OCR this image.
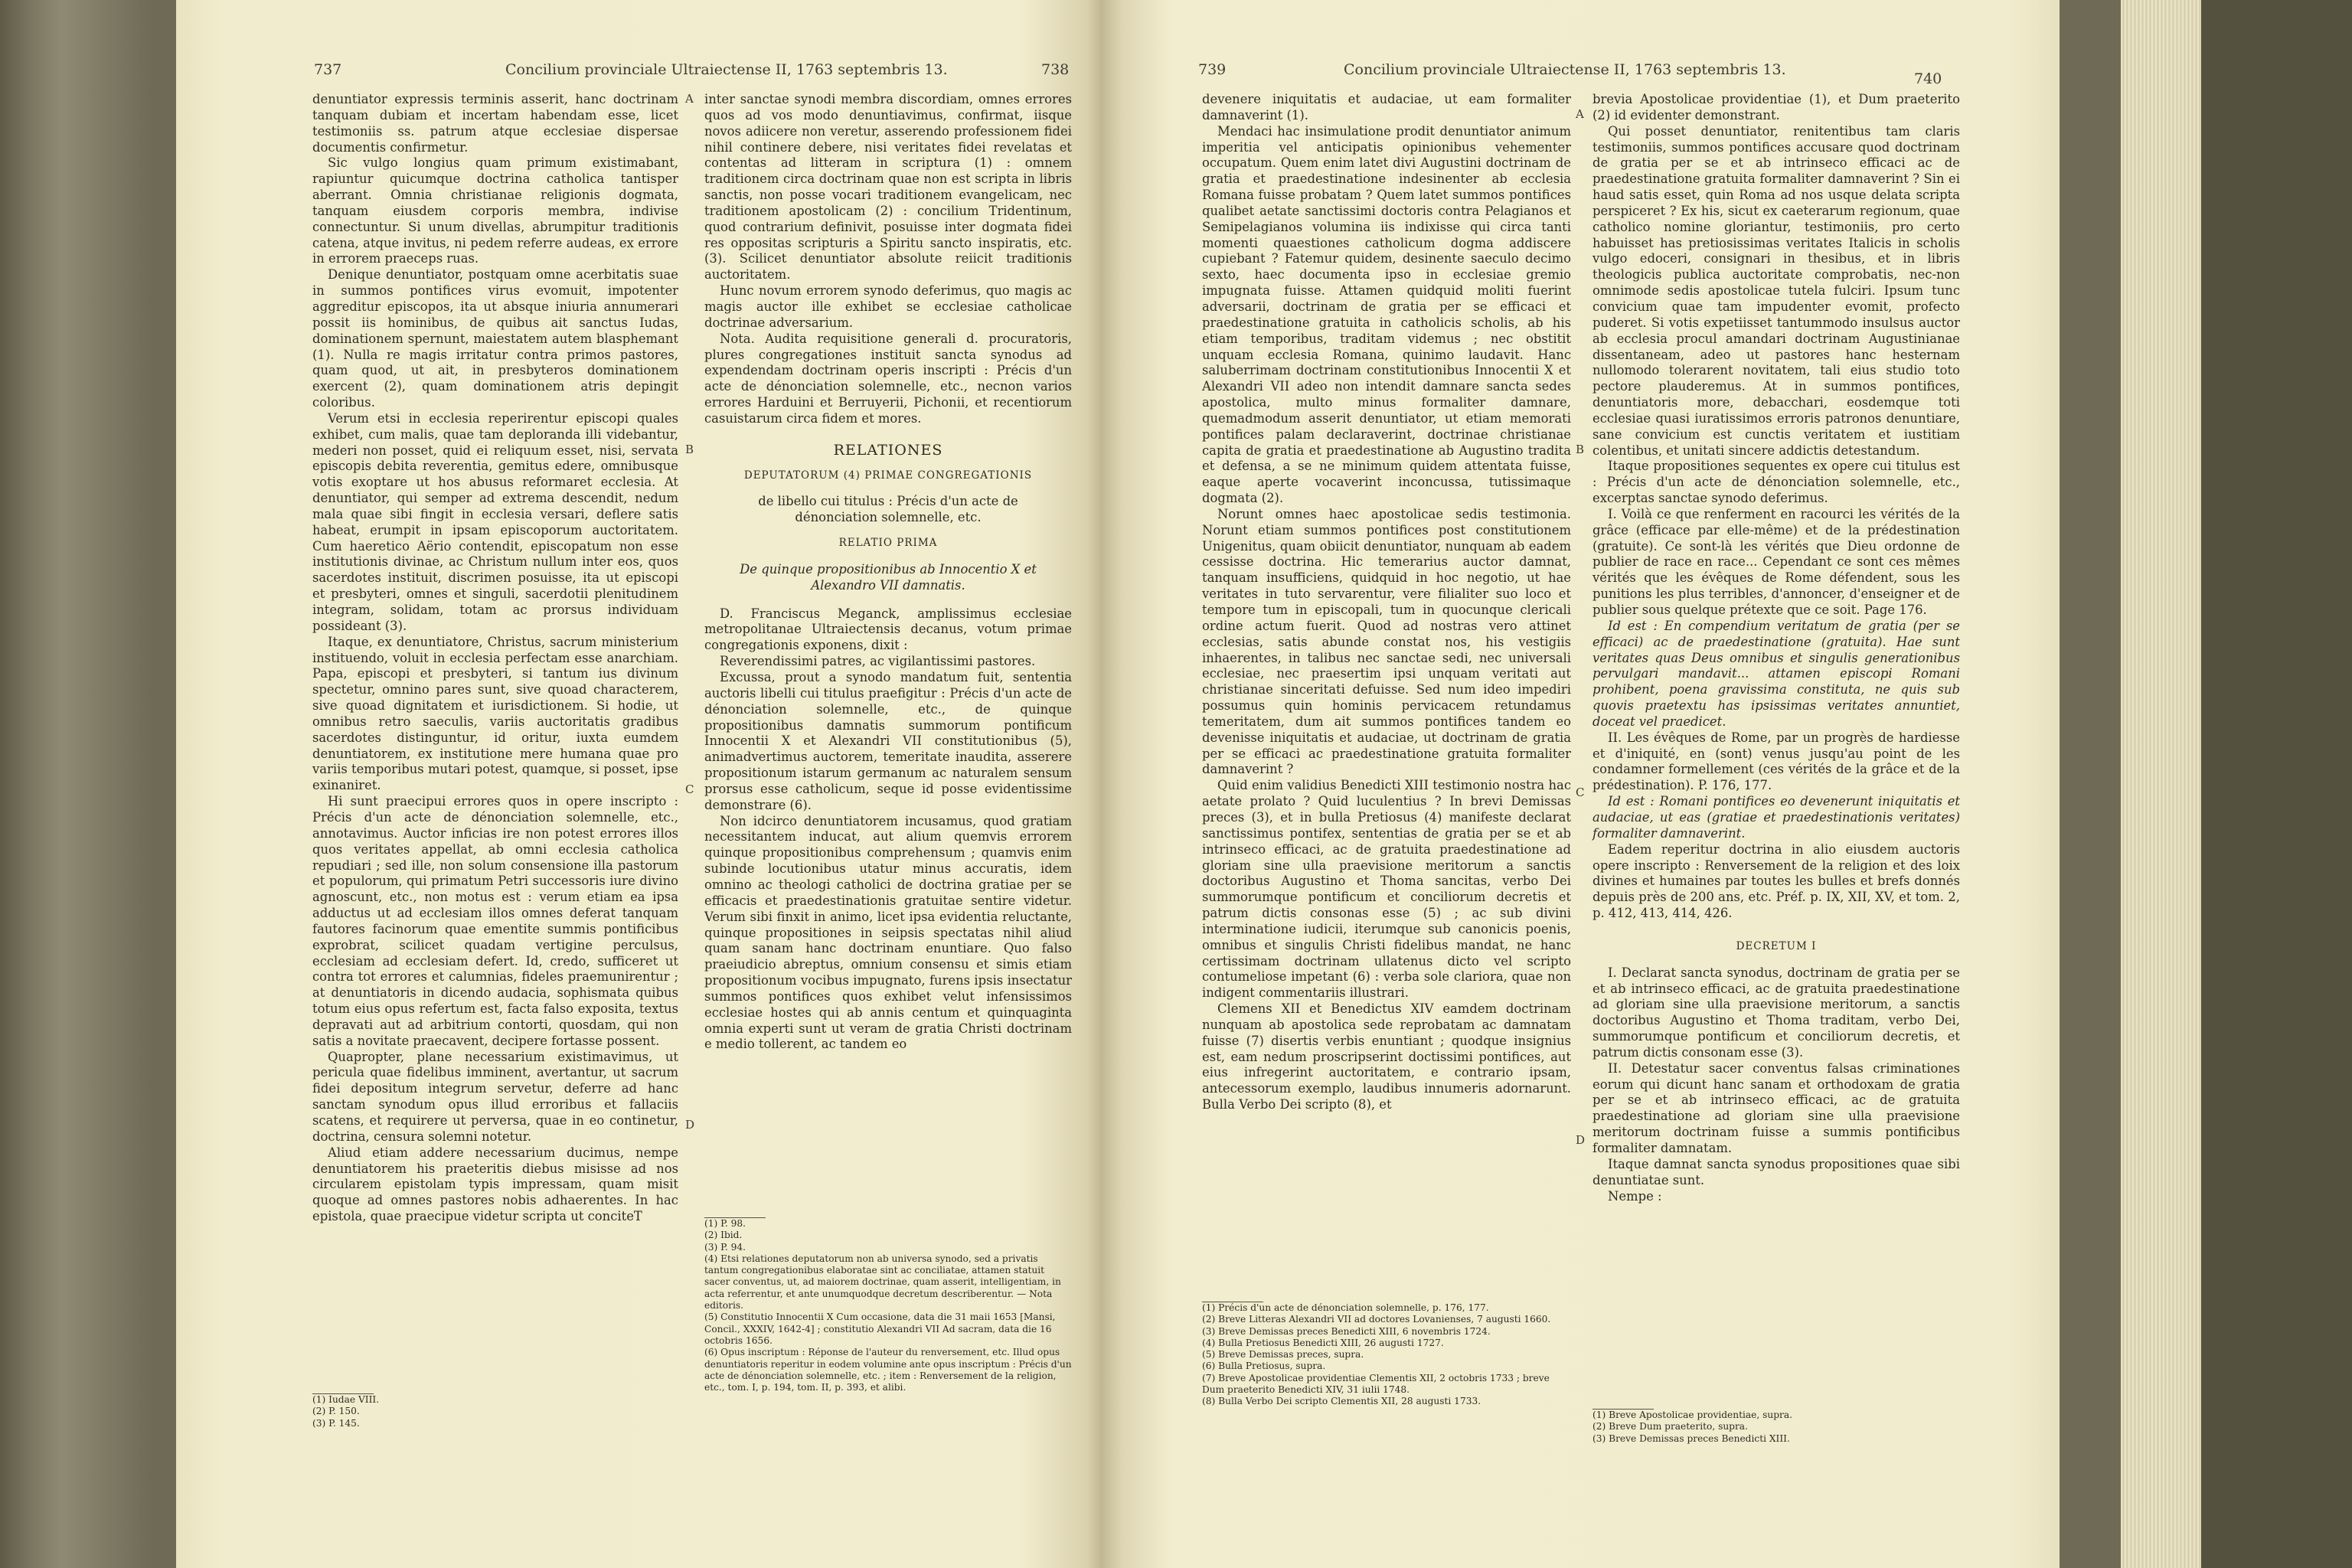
737	Concilium provinciale Ultraiectense II, 1763 septembris 13.	738

denuntiator expressis terminis asserit, hanc doctrinam tanquam dubiam et incertam habendam esse, licet testimoniis ss. patrum atque ecclesiae dispersae documentis confirmetur.

Sic vulgo longius quam primum existimabant, rapiuntur quicumque doctrina catholica tantisper aberrant. Omnia christianae religionis dogmata, tanquam eiusdem corporis membra, indivise connectuntur. Si unum divellas, abrumpitur traditionis catena, atque invitus, ni pedem referre audeas, ex errore in errorem praeceps ruas.

Denique denuntiator, postquam omne acerbitatis suae in summos pontifices virus evomuit, impotenter aggreditur episcopos, ita ut absque iniuria annumerari possit iis hominibus, de quibus ait sanctus Iudas, dominationem spernunt, maiestatem autem blasphemant (1). Nulla re magis irritatur contra primos pastores, quam quod, ut ait, in presbyteros dominationem exercent (2), quam dominationem atris depingit coloribus.

Verum etsi in ecclesia reperirentur episcopi quales exhibet, cum malis, quae tam deploranda illi videbantur, mederi non posset, quid ei reliquum esset, nisi, servata episcopis debita reverentia, gemitus edere, omnibusque votis exoptare ut hos abusus reformaret ecclesia. At denuntiator, qui semper ad extrema descendit, nedum mala quae sibi fingit in ecclesia versari, deflere satis habeat, erumpit in ipsam episcoporum auctoritatem. Cum haeretico Aërio contendit, episcopatum non esse institutionis divinae, ac Christum nullum inter eos, quos sacerdotes instituit, discrimen posuisse, ita ut episcopi et presbyteri, omnes et singuli, sacerdotii plenitudinem integram, solidam, totam ac prorsus individuam possideant (3).

Itaque, ex denuntiatore, Christus, sacrum ministerium instituendo, voluit in ecclesia perfectam esse anarchiam. Papa, episcopi et presbyteri, si tantum ius divinum spectetur, omnino pares sunt, sive quoad characterem, sive quoad dignitatem et iurisdictionem. Si hodie, ut omnibus retro saeculis, variis auctoritatis gradibus sacerdotes distinguntur, id oritur, iuxta eumdem denuntiatorem, ex institutione mere humana quae pro variis temporibus mutari potest, quamque, si posset, ipse exinaniret.

Hi sunt praecipui errores quos in opere inscripto : Précis d'un acte de dénonciation solemnelle, etc., annotavimus. Auctor inficias ire non potest errores illos quos veritates appellat, ab omni ecclesia catholica repudiari ; sed ille, non solum consensione illa pastorum et populorum, qui primatum Petri successoris iure divino agnoscunt, etc., non motus est : verum etiam ea ipsa adductus ut ad ecclesiam illos omnes deferat tanquam fautores facinorum quae ementite summis pontificibus exprobrat, scilicet quadam vertigine perculsus, ecclesiam ad ecclesiam defert. Id, credo, sufficeret ut contra tot errores et calumnias, fideles praemunirentur ; at denuntiatoris in dicendo audacia, sophismata quibus totum eius opus refertum est, facta falso exposita, textus depravati aut ad arbitrium contorti, quosdam, qui non satis a novitate praecavent, decipere fortasse possent.

Quapropter, plane necessarium existimavimus, ut pericula quae fidelibus imminent, avertantur, ut sacrum fidei depositum integrum servetur, deferre ad hanc sanctam synodum opus illud erroribus et fallaciis scatens, et requirere ut perversa, quae in eo continetur, doctrina, censura solemni notetur.

Aliud etiam addere necessarium ducimus, nempe denuntiatorem his praeteritis diebus misisse ad nos circularem epistolam typis impressam, quam misit quoque ad omnes pastores nobis adhaerentes. In hac epistola, quae praecipue videtur scripta ut conciteT

(1) Iudae VIII.
(2) P. 150.
(3) P. 145.

inter sanctae synodi membra discordiam, omnes errores quos ad vos modo denuntiavimus, confirmat, iisque novos adiicere non veretur, asserendo professionem fidei nihil continere debere, nisi veritates fidei revelatas et contentas ad litteram in scriptura (1) : omnem traditionem circa doctrinam quae non est scripta in libris sanctis, non posse vocari traditionem evangelicam, nec traditionem apostolicam (2) : concilium Tridentinum, quod contrarium definivit, posuisse inter dogmata fidei res oppositas scripturis a Spiritu sancto inspiratis, etc. (3). Scilicet denuntiator absolute reiicit traditionis auctoritatem.

Hunc novum errorem synodo deferimus, quo magis ac magis auctor ille exhibet se ecclesiae catholicae doctrinae adversarium.

Nota. Audita requisitione generali d. procuratoris, plures congregationes instituit sancta synodus ad expendendam doctrinam operis inscripti : Précis d'un acte de dénonciation solemnelle, etc., necnon varios errores Harduini et Berruyerii, Pichonii, et recentiorum casuistarum circa fidem et mores.

RELATIONES

DEPUTATORUM (4) PRIMAE CONGREGATIONIS

de libello cui titulus : Précis d'un acte de dénonciation solemnelle, etc.

RELATIO PRIMA

De quinque propositionibus ab Innocentio X et Alexandro VII damnatis.

D. Franciscus Meganck, amplissimus ecclesiae metropolitanae Ultraiectensis decanus, votum primae congregationis exponens, dixit :

Reverendissimi patres, ac vigilantissimi pastores.

Excussa, prout a synodo mandatum fuit, sententia auctoris libelli cui titulus praefigitur : Précis d'un acte de dénonciation solemnelle, etc., de quinque propositionibus damnatis summorum pontificum Innocentii X et Alexandri VII constitutionibus (5), animadvertimus auctorem, temeritate inaudita, asserere propositionum istarum germanum ac naturalem sensum prorsus esse catholicum, seque id posse evidentissime demonstrare (6).

Non idcirco denuntiatorem incusamus, quod gratiam necessitantem inducat, aut alium quemvis errorem quinque propositionibus comprehensum ; quamvis enim subinde locutionibus utatur minus accuratis, idem omnino ac theologi catholici de doctrina gratiae per se efficacis et praedestinationis gratuitae sentire videtur. Verum sibi finxit in animo, licet ipsa evidentia reluctante, quinque propositiones in seipsis spectatas nihil aliud quam sanam hanc doctrinam enuntiare. Quo falso praeiudicio abreptus, omnium consensu et simis etiam propositionum vocibus impugnato, furens ipsis insectatur summos pontifices quos exhibet velut infensissimos ecclesiae hostes qui ab annis centum et quinquaginta omnia experti sunt ut veram de gratia Christi doctrinam e medio tollerent, ac tandem eo

(1) P. 98.
(2) Ibid.
(3) P. 94.
(4) Etsi relationes deputatorum non ab universa synodo, sed a privatis tantum congregationibus elaboratae sint ac conciliatae, attamen statuit sacer conventus, ut, ad maiorem doctrinae, quam asserit, intelligentiam, in acta referrentur, et ante unumquodque decretum describerentur. — Nota editoris.
(5) Constitutio Innocentii X Cum occasione, data die 31 maii 1653 [Mansi, Concil., XXXIV, 1642-4] ; constitutio Alexandri VII Ad sacram, data die 16 octobris 1656.
(6) Opus inscriptum : Réponse de l'auteur du renversement, etc. Illud opus denuntiatoris reperitur in eodem volumine ante opus inscriptum : Précis d'un acte de dénonciation solemnelle, etc. ; item : Renversement de la religion, etc., tom. I, p. 194, tom. II, p. 393, et alibi.
A
B
C
D
739	Concilium provinciale Ultraiectense II, 1763 septembris 13.
740

devenere iniquitatis et audaciae, ut eam formaliter damnaverint (1).

Mendaci hac insimulatione prodit denuntiator animum imperitia vel anticipatis opinionibus vehementer occupatum. Quem enim latet divi Augustini doctrinam de gratia et praedestinatione indesinenter ab ecclesia Romana fuisse probatam ? Quem latet summos pontifices qualibet aetate sanctissimi doctoris contra Pelagianos et Semipelagianos volumina iis indixisse qui circa tanti momenti quaestiones catholicum dogma addiscere cupiebant ? Fatemur quidem, desinente saeculo decimo sexto, haec documenta ipso in ecclesiae gremio impugnata fuisse. Attamen quidquid moliti fuerint adversarii, doctrinam de gratia per se efficaci et praedestinatione gratuita in catholicis scholis, ab his etiam temporibus, traditam videmus ; nec obstitit unquam ecclesia Romana, quinimo laudavit. Hanc saluberrimam doctrinam constitutionibus Innocentii X et Alexandri VII adeo non intendit damnare sancta sedes apostolica, multo minus formaliter damnare, quemadmodum asserit denuntiator, ut etiam memorati pontifices palam declaraverint, doctrinae christianae capita de gratia et praedestinatione ab Augustino tradita et defensa, a se ne minimum quidem attentata fuisse, eaque aperte vocaverint inconcussa, tutissimaque dogmata (2).

Norunt omnes haec apostolicae sedis testimonia. Norunt etiam summos pontifices post constitutionem Unigenitus, quam obiicit denuntiator, nunquam ab eadem cessisse doctrina. Hic temerarius auctor damnat, tanquam insufficiens, quidquid in hoc negotio, ut hae veritates in tuto servarentur, vere filialiter suo loco et tempore tum in episcopali, tum in quocunque clericali ordine actum fuerit. Quod ad nostras vero attinet ecclesias, satis abunde constat nos, his vestigiis inhaerentes, in talibus nec sanctae sedi, nec universali ecclesiae, nec praesertim ipsi unquam veritati aut christianae sinceritati defuisse. Sed num ideo impediri possumus quin hominis pervicacem retundamus temeritatem, dum ait summos pontifices tandem eo devenisse iniquitatis et audaciae, ut doctrinam de gratia per se efficaci ac praedestinatione gratuita formaliter damnaverint ?

Quid enim validius Benedicti XIII testimonio nostra hac aetate prolato ? Quid luculentius ? In brevi Demissas preces (3), et in bulla Pretiosus (4) manifeste declarat sanctissimus pontifex, sententias de gratia per se et ab intrinseco efficaci, ac de gratuita praedestinatione ad gloriam sine ulla praevisione meritorum a sanctis doctoribus Augustino et Thoma sancitas, verbo Dei summorumque pontificum et conciliorum decretis et patrum dictis consonas esse (5) ; ac sub divini interminatione iudicii, iterumque sub canonicis poenis, omnibus et singulis Christi fidelibus mandat, ne hanc certissimam doctrinam ullatenus dicto vel scripto contumeliose impetant (6) : verba sole clariora, quae non indigent commentariis illustrari.

Clemens XII et Benedictus XIV eamdem doctrinam nunquam ab apostolica sede reprobatam ac damnatam fuisse (7) disertis verbis enuntiant ; quodque insignius est, eam nedum proscripserint doctissimi pontifices, aut eius infregerint auctoritatem, e contrario ipsam, antecessorum exemplo, laudibus innumeris adornarunt. Bulla Verbo Dei scripto (8), et

(1) Précis d'un acte de dénonciation solemnelle, p. 176, 177.
(2) Breve Litteras Alexandri VII ad doctores Lovanienses, 7 augusti 1660.
(3) Breve Demissas preces Benedicti XIII, 6 novembris 1724.
(4) Bulla Pretiosus Benedicti XIII, 26 augusti 1727.
(5) Breve Demissas preces, supra.
(6) Bulla Pretiosus, supra.
(7) Breve Apostolicae providentiae Clementis XII, 2 octobris 1733 ; breve Dum praeterito Benedicti XIV, 31 iulii 1748.
(8) Bulla Verbo Dei scripto Clementis XII, 28 augusti 1733.

brevia Apostolicae providentiae (1), et Dum praeterito (2) id evidenter demonstrant.

Qui posset denuntiator, renitentibus tam claris testimoniis, summos pontifices accusare quod doctrinam de gratia per se et ab intrinseco efficaci ac de praedestinatione gratuita formaliter damnaverint ? Sin ei haud satis esset, quin Roma ad nos usque delata scripta perspiceret ? Ex his, sicut ex caeterarum regionum, quae catholico nomine gloriantur, testimoniis, pro certo habuisset has pretiosissimas veritates Italicis in scholis vulgo edoceri, consignari in thesibus, et in libris theologicis publica auctoritate comprobatis, nec-non omnimode sedis apostolicae tutela fulciri. Ipsum tunc convicium quae tam impudenter evomit, profecto puderet. Si votis expetiisset tantummodo insulsus auctor ab ecclesia procul amandari doctrinam Augustinianae dissentaneam, adeo ut pastores hanc hesternam nullomodo tolerarent novitatem, tali eius studio toto pectore plauderemus. At in summos pontifices, denuntiatoris more, debacchari, eosdemque toti ecclesiae quasi iuratissimos erroris patronos denuntiare, sane convicium est cunctis veritatem et iustitiam colentibus, et unitati sincere addictis detestandum.

Itaque propositiones sequentes ex opere cui titulus est : Précis d'un acte de dénonciation solemnelle, etc., excerptas sanctae synodo deferimus.

I. Voilà ce que renferment en racourci les vérités de la grâce (efficace par elle-même) et de la prédestination (gratuite). Ce sont-là les vérités que Dieu ordonne de publier de race en race... Cependant ce sont ces mêmes vérités que les évêques de Rome défendent, sous les punitions les plus terribles, d'annoncer, d'enseigner et de publier sous quelque prétexte que ce soit. Page 176.

Id est : En compendium veritatum de gratia (per se efficaci) ac de praedestinatione (gratuita). Hae sunt veritates quas Deus omnibus et singulis generationibus pervulgari mandavit... attamen episcopi Romani prohibent, poena gravissima constituta, ne quis sub quovis praetextu has ipsissimas veritates annuntiet, doceat vel praedicet.

II. Les évêques de Rome, par un progrès de hardiesse et d'iniquité, en (sont) venus jusqu'au point de les condamner formellement (ces vérités de la grâce et de la prédestination). P. 176, 177.

Id est : Romani pontifices eo devenerunt iniquitatis et audaciae, ut eas (gratiae et praedestinationis veritates) formaliter damnaverint.

Eadem reperitur doctrina in alio eiusdem auctoris opere inscripto : Renversement de la religion et des loix divines et humaines par toutes les bulles et brefs donnés depuis près de 200 ans, etc. Préf. p. IX, XII, XV, et tom. 2, p. 412, 413, 414, 426.

DECRETUM I

I. Declarat sancta synodus, doctrinam de gratia per se et ab intrinseco efficaci, ac de gratuita praedestinatione ad gloriam sine ulla praevisione meritorum, a sanctis doctoribus Augustino et Thoma traditam, verbo Dei, summorumque pontificum et conciliorum decretis, et patrum dictis consonam esse (3).

II. Detestatur sacer conventus falsas criminationes eorum qui dicunt hanc sanam et orthodoxam de gratia per se et ab intrinseco efficaci, ac de gratuita praedestinatione ad gloriam sine ulla praevisione meritorum doctrinam fuisse a summis pontificibus formaliter damnatam.

Itaque damnat sancta synodus propositiones quae sibi denuntiatae sunt.

Nempe :

(1) Breve Apostolicae providentiae, supra.
(2) Breve Dum praeterito, supra.
(3) Breve Demissas preces Benedicti XIII.
A
B
C
D
